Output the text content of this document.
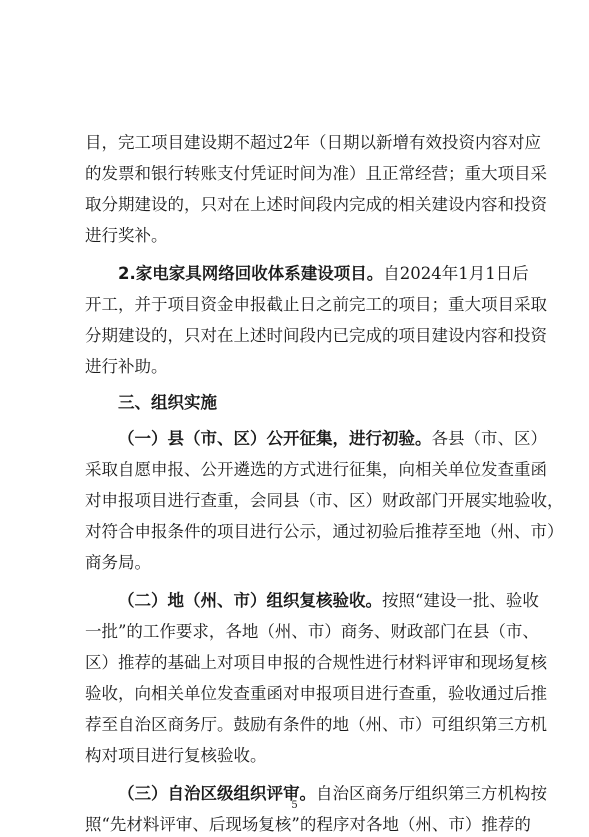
目，完工项目建设期不超过2年（日期以新增有效投资内容对应
的发票和银行转账支付凭证时间为准）且正常经营；重大项目采
取分期建设的，只对在上述时间段内完成的相关建设内容和投资
进行奖补。
2.家电家具网络回收体系建设项目。自2024年1月1日后
开工，并于项目资金申报截止日之前完工的项目；重大项目采取
分期建设的，只对在上述时间段内已完成的项目建设内容和投资
进行补助。
三、组织实施
（一）县（市、区）公开征集，进行初验。各县（市、区）
采取自愿申报、公开遴选的方式进行征集，向相关单位发查重函
对申报项目进行查重，会同县（市、区）财政部门开展实地验收，
对符合申报条件的项目进行公示，通过初验后推荐至地（州、市）
商务局。
（二）地（州、市）组织复核验收。按照“建设一批、验收
一批”的工作要求，各地（州、市）商务、财政部门在县（市、
区）推荐的基础上对项目申报的合规性进行材料评审和现场复核
验收，向相关单位发查重函对申报项目进行查重，验收通过后推
荐至自治区商务厅。鼓励有条件的地（州、市）可组织第三方机
构对项目进行复核验收。
（三）自治区级组织评审。自治区商务厅组织第三方机构按
照“先材料评审、后现场复核”的程序对各地（州、市）推荐的
5
